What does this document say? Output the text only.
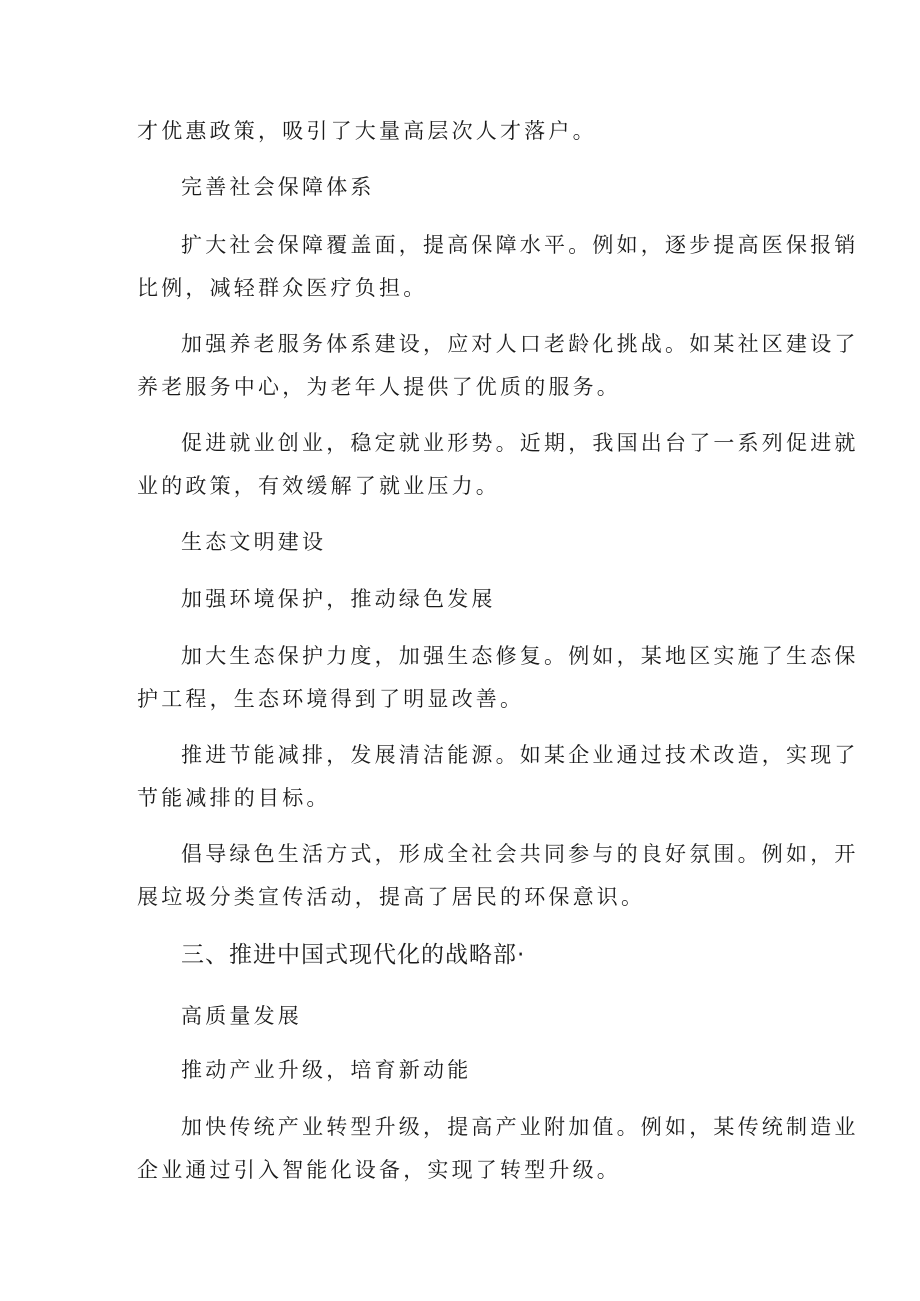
才优惠政策，吸引了大量高层次人才落户。
完善社会保障体系
扩大社会保障覆盖面，提高保障水平。例如，逐步提高医保报销
比例，减轻群众医疗负担。
加强养老服务体系建设，应对人口老龄化挑战。如某社区建设了
养老服务中心，为老年人提供了优质的服务。
促进就业创业，稳定就业形势。近期，我国出台了一系列促进就
业的政策，有效缓解了就业压力。
生态文明建设
加强环境保护，推动绿色发展
加大生态保护力度，加强生态修复。例如，某地区实施了生态保
护工程，生态环境得到了明显改善。
推进节能减排，发展清洁能源。如某企业通过技术改造，实现了
节能减排的目标。
倡导绿色生活方式，形成全社会共同参与的良好氛围。例如，开
展垃圾分类宣传活动，提高了居民的环保意识。
三、推进中国式现代化的战略部·
高质量发展
推动产业升级，培育新动能
加快传统产业转型升级，提高产业附加值。例如，某传统制造业
企业通过引入智能化设备，实现了转型升级。
